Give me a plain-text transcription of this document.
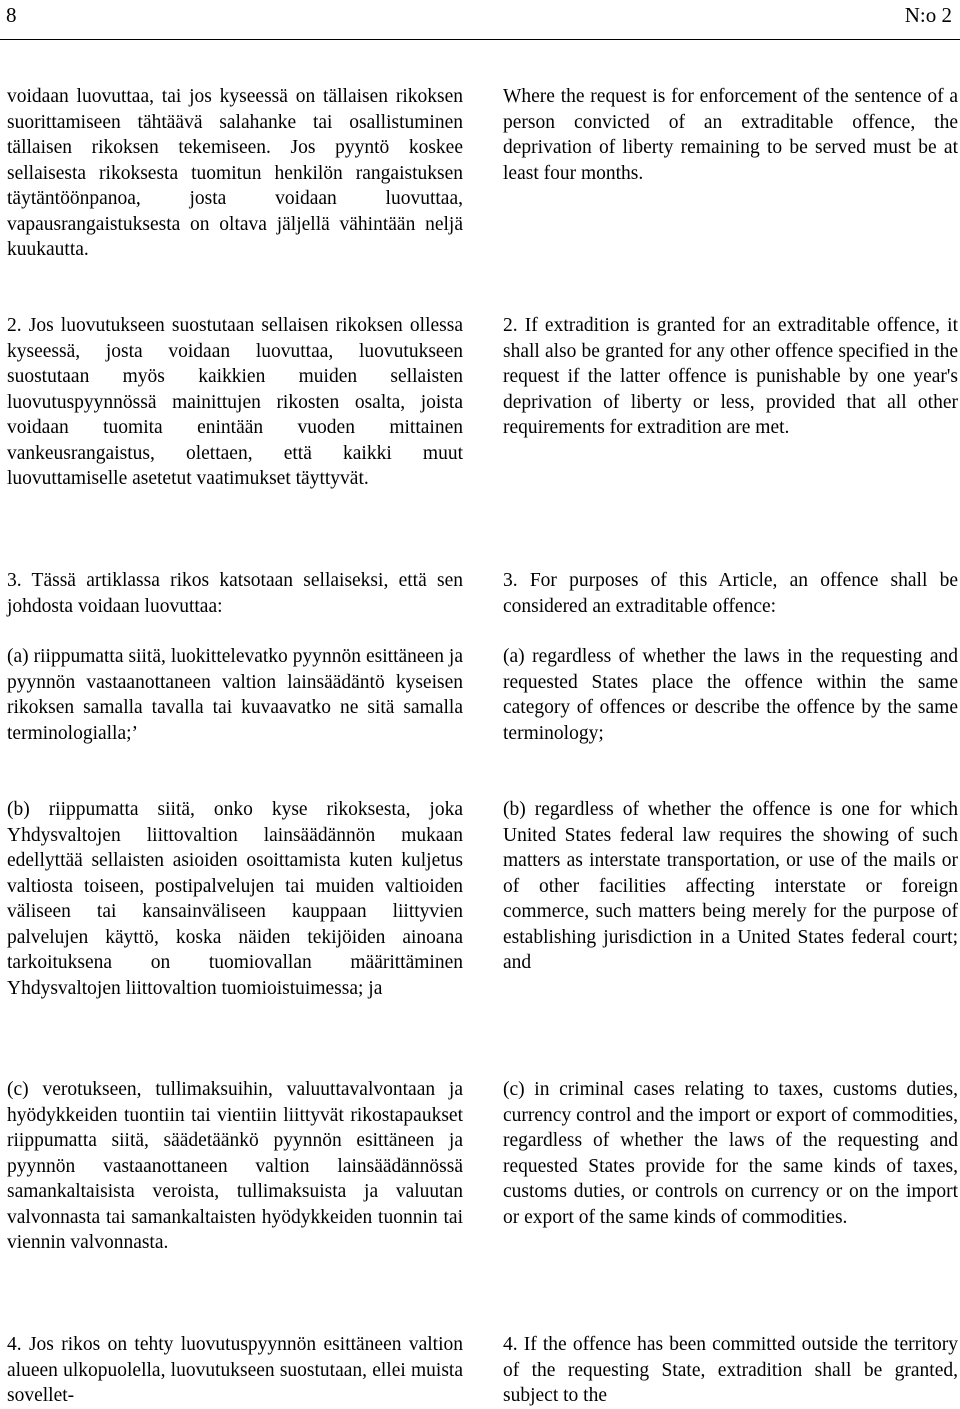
8	N:o 2

voidaan luovuttaa, tai jos kyseessä on tällaisen rikoksen suorittamiseen tähtäävä salahanke tai osallistuminen tällaisen rikoksen tekemiseen. Jos pyyntö koskee sellaisesta rikoksesta tuomitun henkilön rangaistuksen täytäntöönpanoa, josta voidaan luovuttaa, vapausrangaistuksesta on oltava jäljellä vähintään neljä kuukautta.

2. Jos luovutukseen suostutaan sellaisen rikoksen ollessa kyseessä, josta voidaan luovuttaa, luovutukseen suostutaan myös kaikkien muiden sellaisten luovutuspyynnössä mainittujen rikosten osalta, joista voidaan tuomita enintään vuoden mittainen vankeusrangaistus, olettaen, että kaikki muut luovuttamiselle asetetut vaatimukset täyttyvät.

3. Tässä artiklassa rikos katsotaan sellaiseksi, että sen johdosta voidaan luovuttaa:

(a) riippumatta siitä, luokittelevatko pyynnön esittäneen ja pyynnön vastaanottaneen valtion lainsäädäntö kyseisen rikoksen samalla tavalla tai kuvaavatko ne sitä samalla terminologialla;’

(b) riippumatta siitä, onko kyse rikoksesta, joka Yhdysvaltojen liittovaltion lainsäädännön mukaan edellyttää sellaisten asioiden osoittamista kuten kuljetus valtiosta toiseen, postipalvelujen tai muiden valtioiden väliseen tai kansainväliseen kauppaan liittyvien palvelujen käyttö, koska näiden tekijöiden ainoana tarkoituksena on tuomiovallan määrittäminen Yhdysvaltojen liittovaltion tuomioistuimessa; ja

(c) verotukseen, tullimaksuihin, valuuttavalvontaan ja hyödykkeiden tuontiin tai vientiin liittyvät rikostapaukset riippumatta siitä, säädetäänkö pyynnön esittäneen ja pyynnön vastaanottaneen valtion lainsäädännössä samankaltaisista veroista, tullimaksuista ja valuutan valvonnasta tai samankaltaisten hyödykkeiden tuonnin tai viennin valvonnasta.

4. Jos rikos on tehty luovutuspyynnön esittäneen valtion alueen ulkopuolella, luovutukseen suostutaan, ellei muista sovellet-

Where the request is for enforcement of the sentence of a person convicted of an extraditable offence, the deprivation of liberty remaining to be served must be at least four months.

2. If extradition is granted for an extraditable offence, it shall also be granted for any other offence specified in the request if the latter offence is punishable by one year's deprivation of liberty or less, provided that all other requirements for extradition are met.

3. For purposes of this Article, an offence shall be considered an extraditable offence:

(a) regardless of whether the laws in the requesting and requested States place the offence within the same category of offences or describe the offence by the same terminology;

(b) regardless of whether the offence is one for which United States federal law requires the showing of such matters as interstate transportation, or use of the mails or of other facilities affecting interstate or foreign commerce, such matters being merely for the purpose of establishing jurisdiction in a United States federal court; and

(c) in criminal cases relating to taxes, customs duties, currency control and the import or export of commodities, regardless of whether the laws of the requesting and requested States provide for the same kinds of taxes, customs duties, or controls on currency or on the import or export of the same kinds of commodities.

4. If the offence has been committed outside the territory of the requesting State, extradition shall be granted, subject to the
